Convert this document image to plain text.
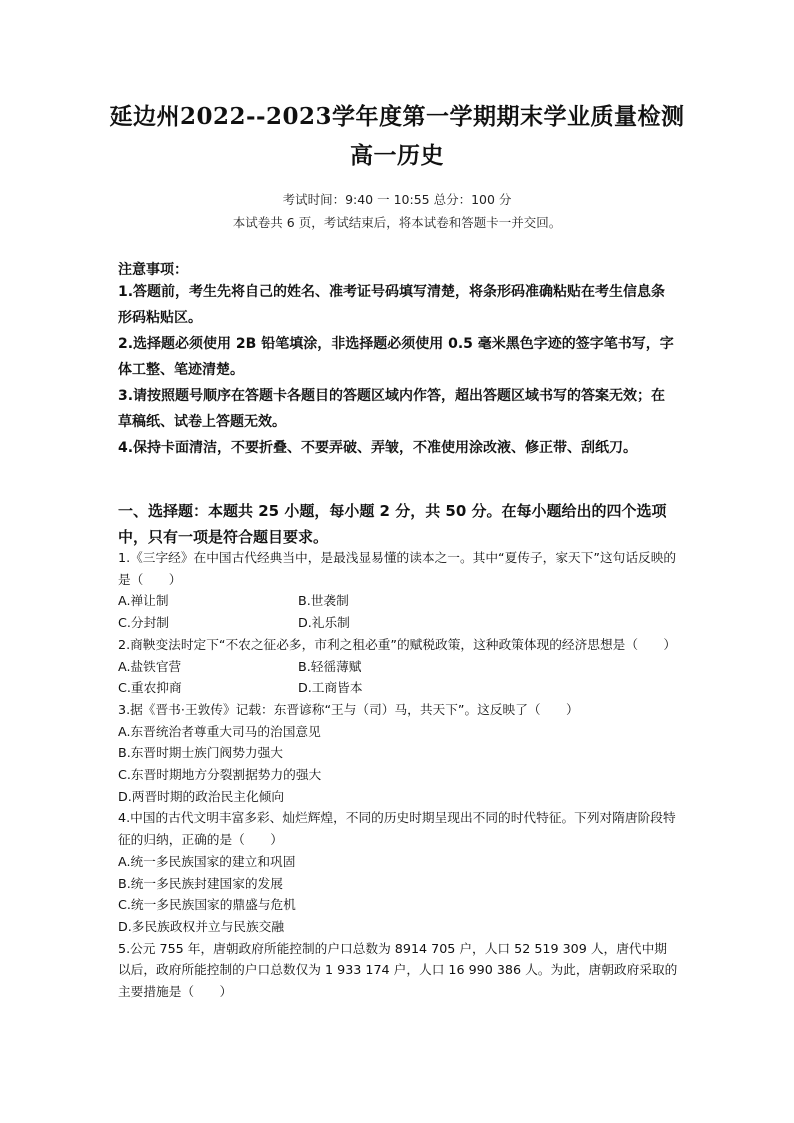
延边州2022--2023学年度第一学期期末学业质量检测
高一历史
考试时间：9:40 一 10:55 总分：100 分
本试卷共 6 页，考试结束后，将本试卷和答题卡一并交回。
注意事项：

1.答题前，考生先将自己的姓名、准考证号码填写清楚，将条形码准确粘贴在考生信息条形码粘贴区。

2.选择题必须使用 2B 铅笔填涂，非选择题必须使用 0.5 毫米黑色字迹的签字笔书写，字体工整、笔迹清楚。

3.请按照题号顺序在答题卡各题目的答题区域内作答，超出答题区域书写的答案无效；在草稿纸、试卷上答题无效。

4.保持卡面清洁，不要折叠、不要弄破、弄皱，不准使用涂改液、修正带、刮纸刀。

一、选择题：本题共 25 小题，每小题 2 分，共 50 分。在每小题给出的四个选项中，只有一项是符合题目要求。

1.《三字经》在中国古代经典当中，是最浅显易懂的读本之一。其中“夏传子，家天下”这句话反映的是（　　）

A.禅让制	B.世袭制

C.分封制	D.礼乐制

2.商鞅变法时定下“不农之征必多，市利之租必重”的赋税政策，这种政策体现的经济思想是（　　）

A.盐铁官营	B.轻徭薄赋

C.重农抑商	D.工商皆本

3.据《晋书·王敦传》记载：东晋谚称“王与（司）马，共天下”。这反映了（　　）

A.东晋统治者尊重大司马的治国意见

B.东晋时期士族门阀势力强大

C.东晋时期地方分裂割据势力的强大

D.两晋时期的政治民主化倾向

4.中国的古代文明丰富多彩、灿烂辉煌，不同的历史时期呈现出不同的时代特征。下列对隋唐阶段特征的归纳，正确的是（　　）

A.统一多民族国家的建立和巩固

B.统一多民族封建国家的发展

C.统一多民族国家的鼎盛与危机

D.多民族政权并立与民族交融

5.公元 755 年，唐朝政府所能控制的户口总数为 8914 705 户，人口 52 519 309 人，唐代中期以后，政府所能控制的户口总数仅为 1 933 174 户，人口 16 990 386 人。为此，唐朝政府采取的主要措施是（　　）
